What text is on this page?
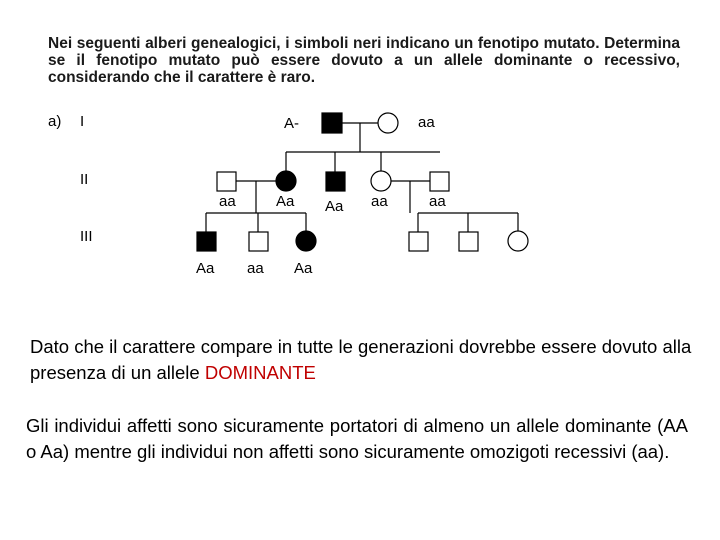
Nei seguenti alberi genealogici, i simboli neri indicano un fenotipo mutato. Determina se il fenotipo mutato può essere dovuto a un allele dominante o recessivo, considerando che il carattere è raro.

a) I
II
III
A-	aa
aa	Aa Aa aa	aa
Aa aa Aa

Dato che il carattere compare in tutte le generazioni dovrebbe essere dovuto alla presenza di un allele DOMINANTE

Gli individui affetti sono sicuramente portatori di almeno un allele dominante (AA o Aa) mentre gli individui non affetti sono sicuramente omozigoti recessivi (aa).
